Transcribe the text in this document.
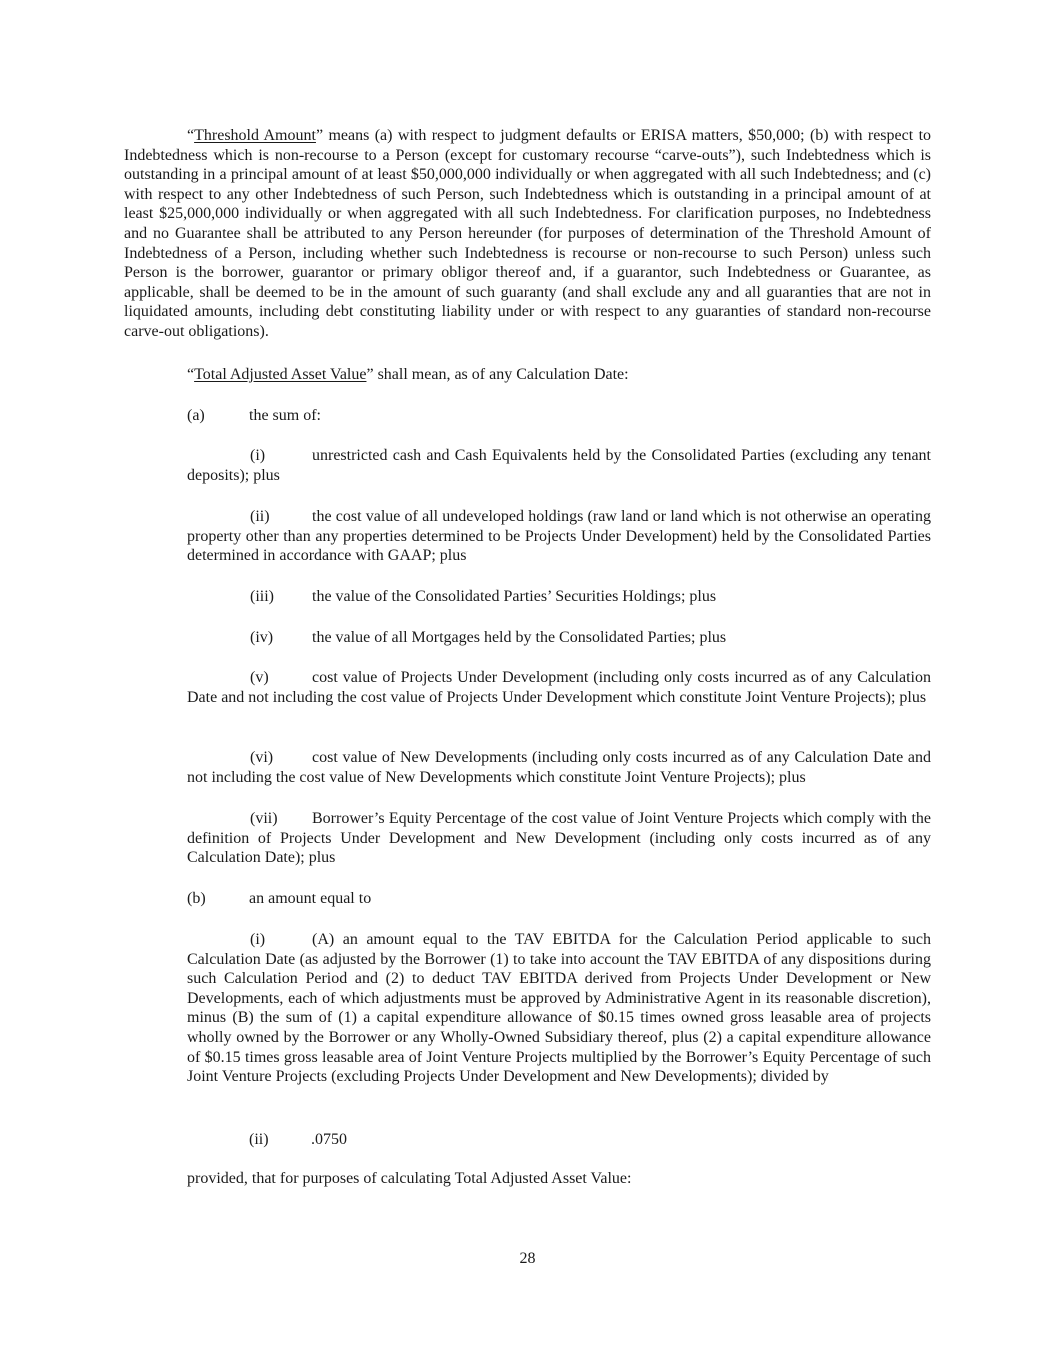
“Threshold Amount” means (a) with respect to judgment defaults or ERISA matters, $50,000; (b) with respect to Indebtedness which is non-recourse to a Person (except for customary recourse “carve-outs”), such Indebtedness which is outstanding in a principal amount of at least $50,000,000 individually or when aggregated with all such Indebtedness; and (c) with respect to any other Indebtedness of such Person, such Indebtedness which is outstanding in a principal amount of at least $25,000,000 individually or when aggregated with all such Indebtedness. For clarification purposes, no Indebtedness and no Guarantee shall be attributed to any Person hereunder (for purposes of determination of the Threshold Amount of Indebtedness of a Person, including whether such Indebtedness is recourse or non-recourse to such Person) unless such Person is the borrower, guarantor or primary obligor thereof and, if a guarantor, such Indebtedness or Guarantee, as applicable, shall be deemed to be in the amount of such guaranty (and shall exclude any and all guaranties that are not in liquidated amounts, including debt constituting liability under or with respect to any guaranties of standard non-recourse carve-out obligations).

“Total Adjusted Asset Value” shall mean, as of any Calculation Date:

(a)	the sum of:

(i)	unrestricted cash and Cash Equivalents held by the Consolidated Parties (excluding any tenant deposits); plus

(ii)	the cost value of all undeveloped holdings (raw land or land which is not otherwise an operating property other than any properties determined to be Projects Under Development) held by the Consolidated Parties determined in accordance with GAAP; plus

(iii) the value of the Consolidated Parties’ Securities Holdings; plus

(iv) the value of all Mortgages held by the Consolidated Parties; plus

(v)	cost value of Projects Under Development (including only costs incurred as of any Calculation Date and not including the cost value of Projects Under Development which constitute Joint Venture Projects); plus

(vi) cost value of New Developments (including only costs incurred as of any Calculation Date and not including the cost value of New Developments which constitute Joint Venture Projects); plus

(vii) Borrower’s Equity Percentage of the cost value of Joint Venture Projects which comply with the definition of Projects Under Development and New Development (including only costs incurred as of any Calculation Date); plus

(b)	an amount equal to

(i)	(A) an amount equal to the TAV EBITDA for the Calculation Period applicable to such Calculation Date (as adjusted by the Borrower (1) to take into account the TAV EBITDA of any dispositions during such Calculation Period and (2) to deduct TAV EBITDA derived from Projects Under Development or New Developments, each of which adjustments must be approved by Administrative Agent in its reasonable discretion), minus (B) the sum of (1) a capital expenditure allowance of $0.15 times owned gross leasable area of projects wholly owned by the Borrower or any Wholly-Owned Subsidiary thereof, plus (2) a capital expenditure allowance of $0.15 times gross leasable area of Joint Venture Projects multiplied by the Borrower’s Equity Percentage of such Joint Venture Projects (excluding Projects Under Development and New Developments); divided by

(ii)	.0750

provided, that for purposes of calculating Total Adjusted Asset Value:

28
